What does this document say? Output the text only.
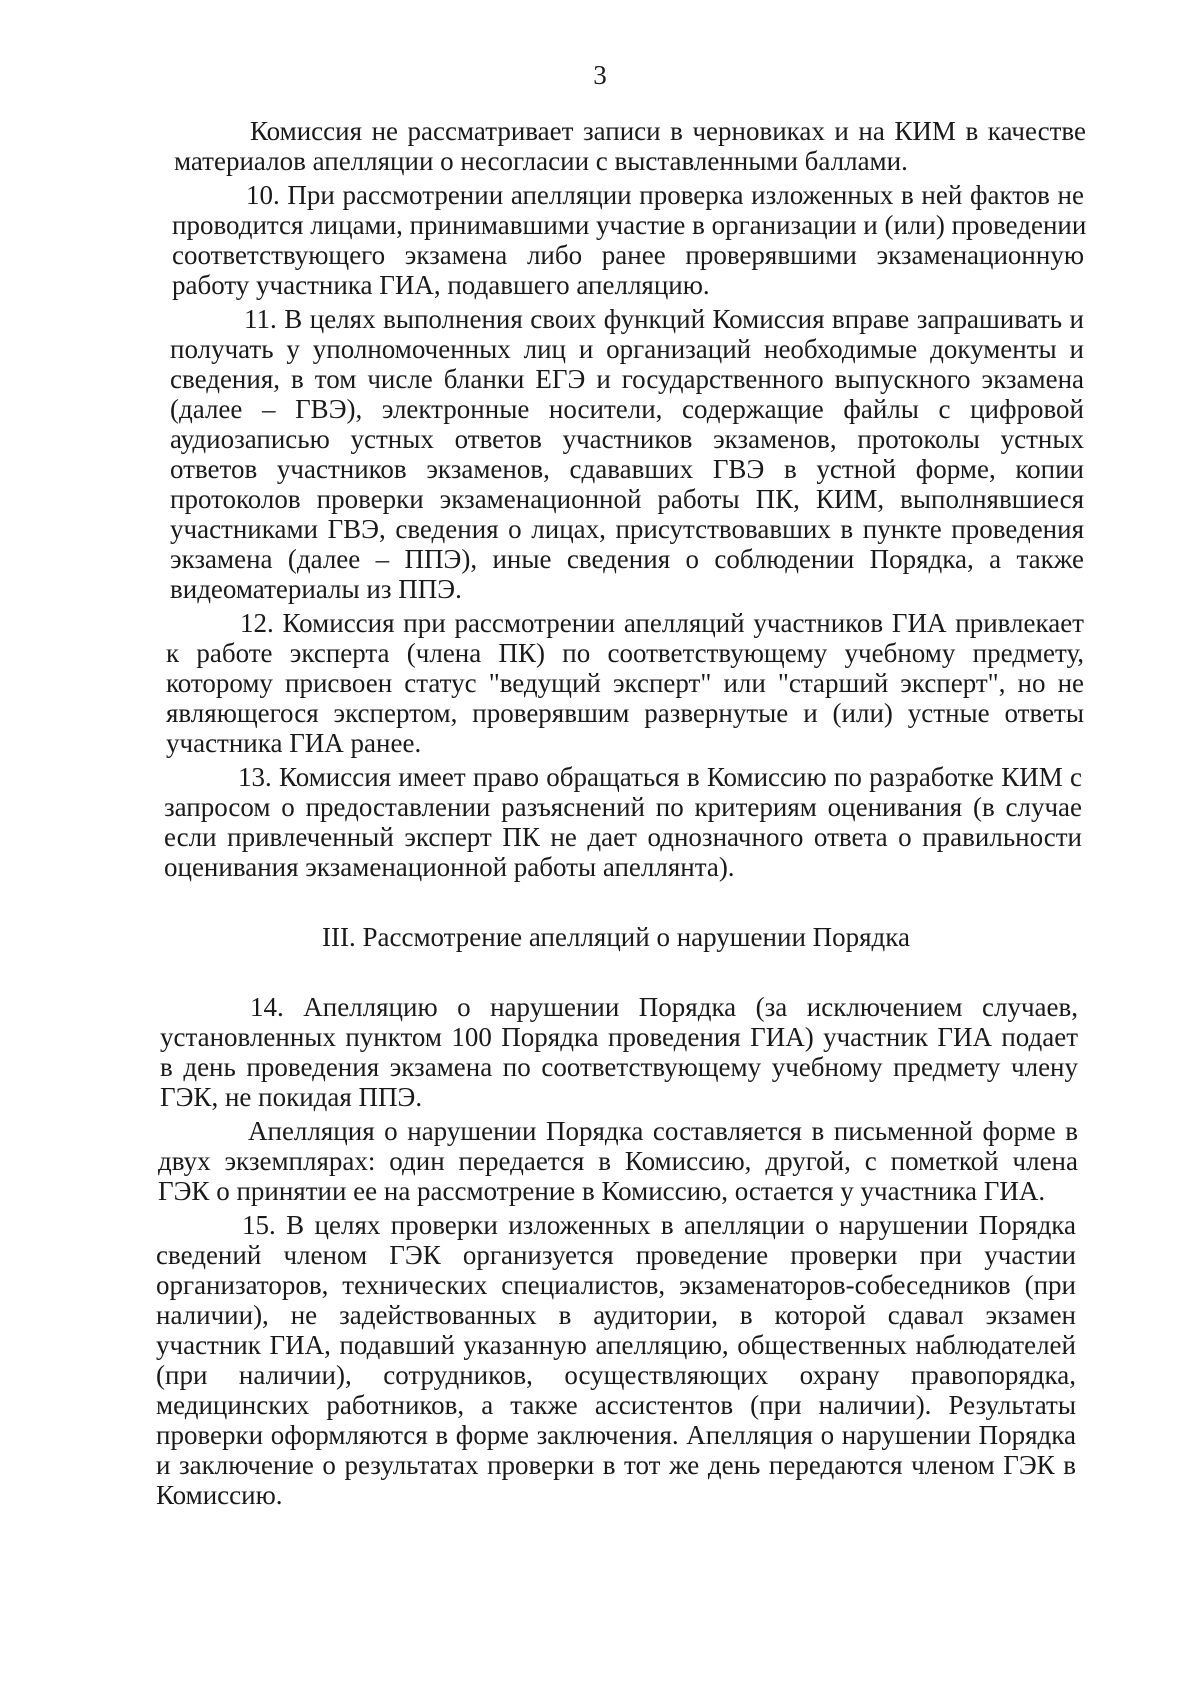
3
Комиссия не рассматривает записи в черновиках и на КИМ в качестве
материалов апелляции о несогласии с выставленными баллами.
10. При рассмотрении апелляции проверка изложенных в ней фактов не
проводится лицами, принимавшими участие в организации и (или) проведении
соответствующего экзамена либо ранее проверявшими экзаменационную
работу участника ГИА, подавшего апелляцию.
11. В целях выполнения своих функций Комиссия вправе запрашивать и
получать у уполномоченных лиц и организаций необходимые документы и
сведения, в том числе бланки ЕГЭ и государственного выпускного экзамена
(далее – ГВЭ), электронные носители, содержащие файлы с цифровой
аудиозаписью устных ответов участников экзаменов, протоколы устных
ответов участников экзаменов, сдававших ГВЭ в устной форме, копии
протоколов проверки экзаменационной работы ПК, КИМ, выполнявшиеся
участниками ГВЭ, сведения о лицах, присутствовавших в пункте проведения
экзамена (далее – ППЭ), иные сведения о соблюдении Порядка, а также
видеоматериалы из ППЭ.
12. Комиссия при рассмотрении апелляций участников ГИА привлекает
к работе эксперта (члена ПК) по соответствующему учебному предмету,
которому присвоен статус "ведущий эксперт" или "старший эксперт", но не
являющегося экспертом, проверявшим развернутые и (или) устные ответы
участника ГИА ранее.
13. Комиссия имеет право обращаться в Комиссию по разработке КИМ с
запросом о предоставлении разъяснений по критериям оценивания (в случае
если привлеченный эксперт ПК не дает однозначного ответа о правильности
оценивания экзаменационной работы апеллянта).
III. Рассмотрение апелляций о нарушении Порядка
14. Апелляцию о нарушении Порядка (за исключением случаев,
установленных пунктом 100 Порядка проведения ГИА) участник ГИА подает
в день проведения экзамена по соответствующему учебному предмету члену
ГЭК, не покидая ППЭ.
Апелляция о нарушении Порядка составляется в письменной форме в
двух экземплярах: один передается в Комиссию, другой, с пометкой члена
ГЭК о принятии ее на рассмотрение в Комиссию, остается у участника ГИА.
15. В целях проверки изложенных в апелляции о нарушении Порядка
сведений членом ГЭК организуется проведение проверки при участии
организаторов, технических специалистов, экзаменаторов-собеседников (при
наличии), не задействованных в аудитории, в которой сдавал экзамен
участник ГИА, подавший указанную апелляцию, общественных наблюдателей
(при наличии), сотрудников, осуществляющих охрану правопорядка,
медицинских работников, а также ассистентов (при наличии). Результаты
проверки оформляются в форме заключения. Апелляция о нарушении Порядка
и заключение о результатах проверки в тот же день передаются членом ГЭК в
Комиссию.
